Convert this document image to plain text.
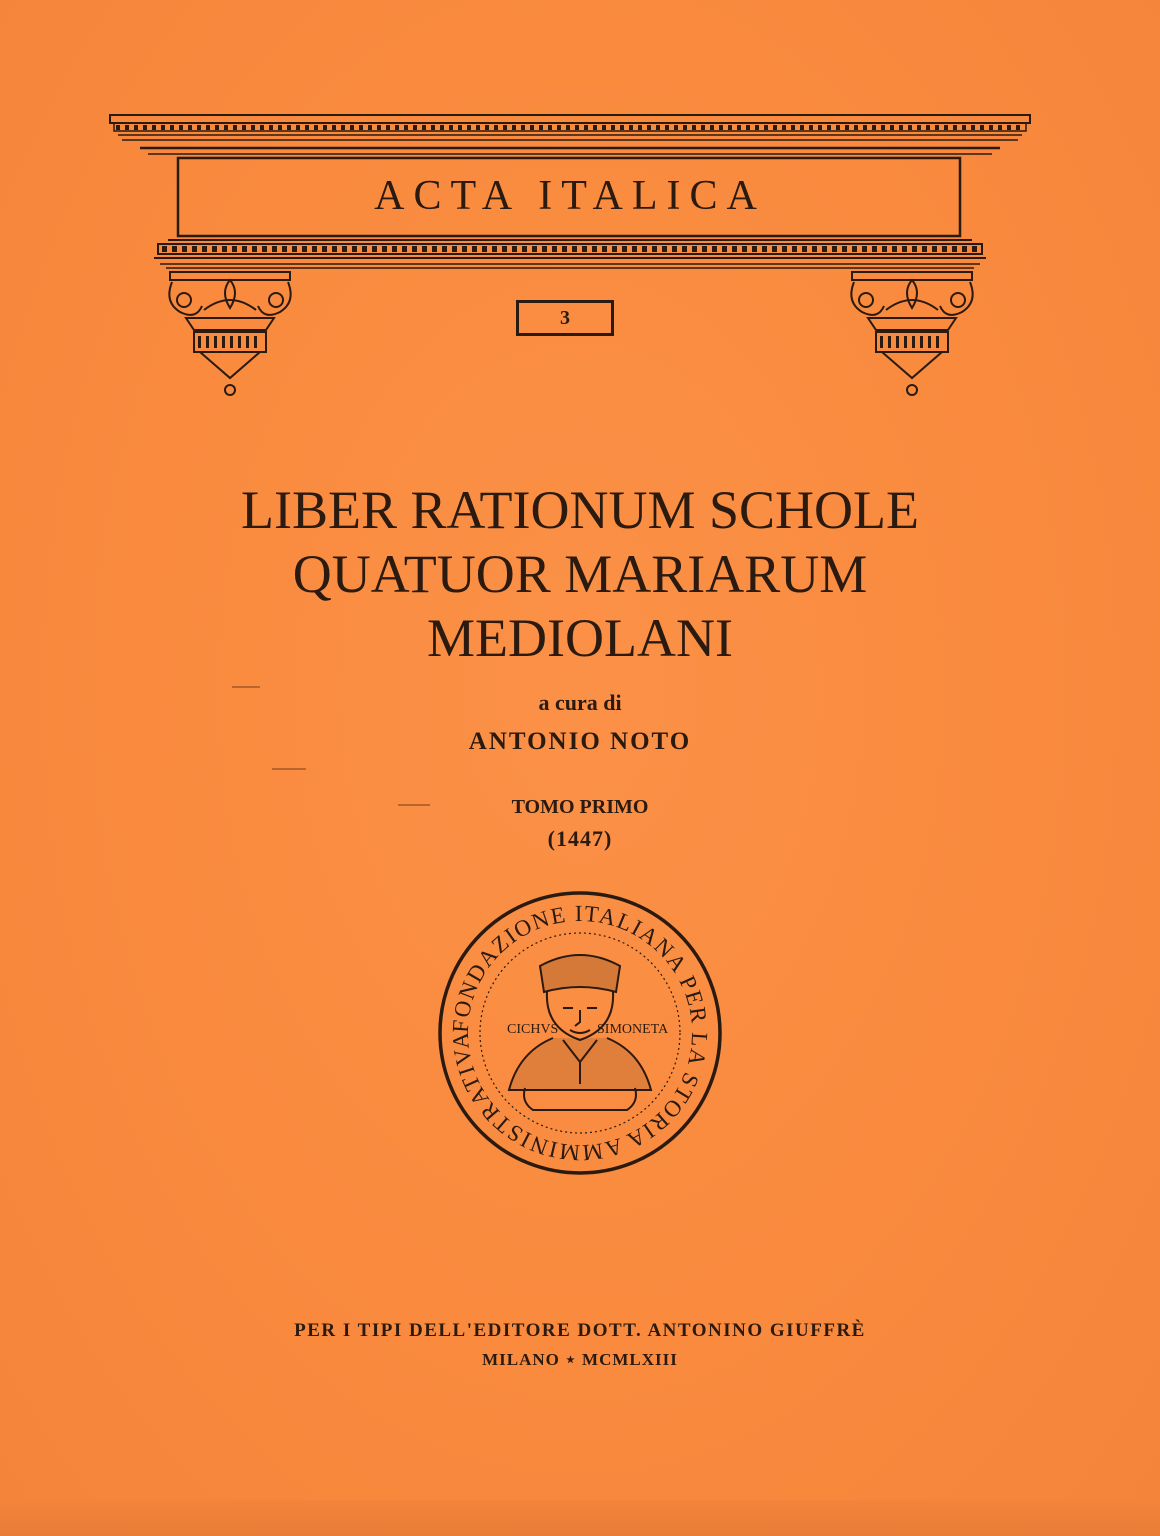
ACTA ITALICA
3
LIBER RATIONUM SCHOLE
QUATUOR MARIARUM
MEDIOLANI
a cura di
ANTONIO NOTO
TOMO PRIMO
(1447)
FONDAZIONE ITALIANA PER LA STORIA AMMINISTRATIVA
CICHVS	SIMONETA
PER I TIPI DELL'EDITORE DOTT. ANTONINO GIUFFRÈ
MILANO ⋆ MCMLXIII
